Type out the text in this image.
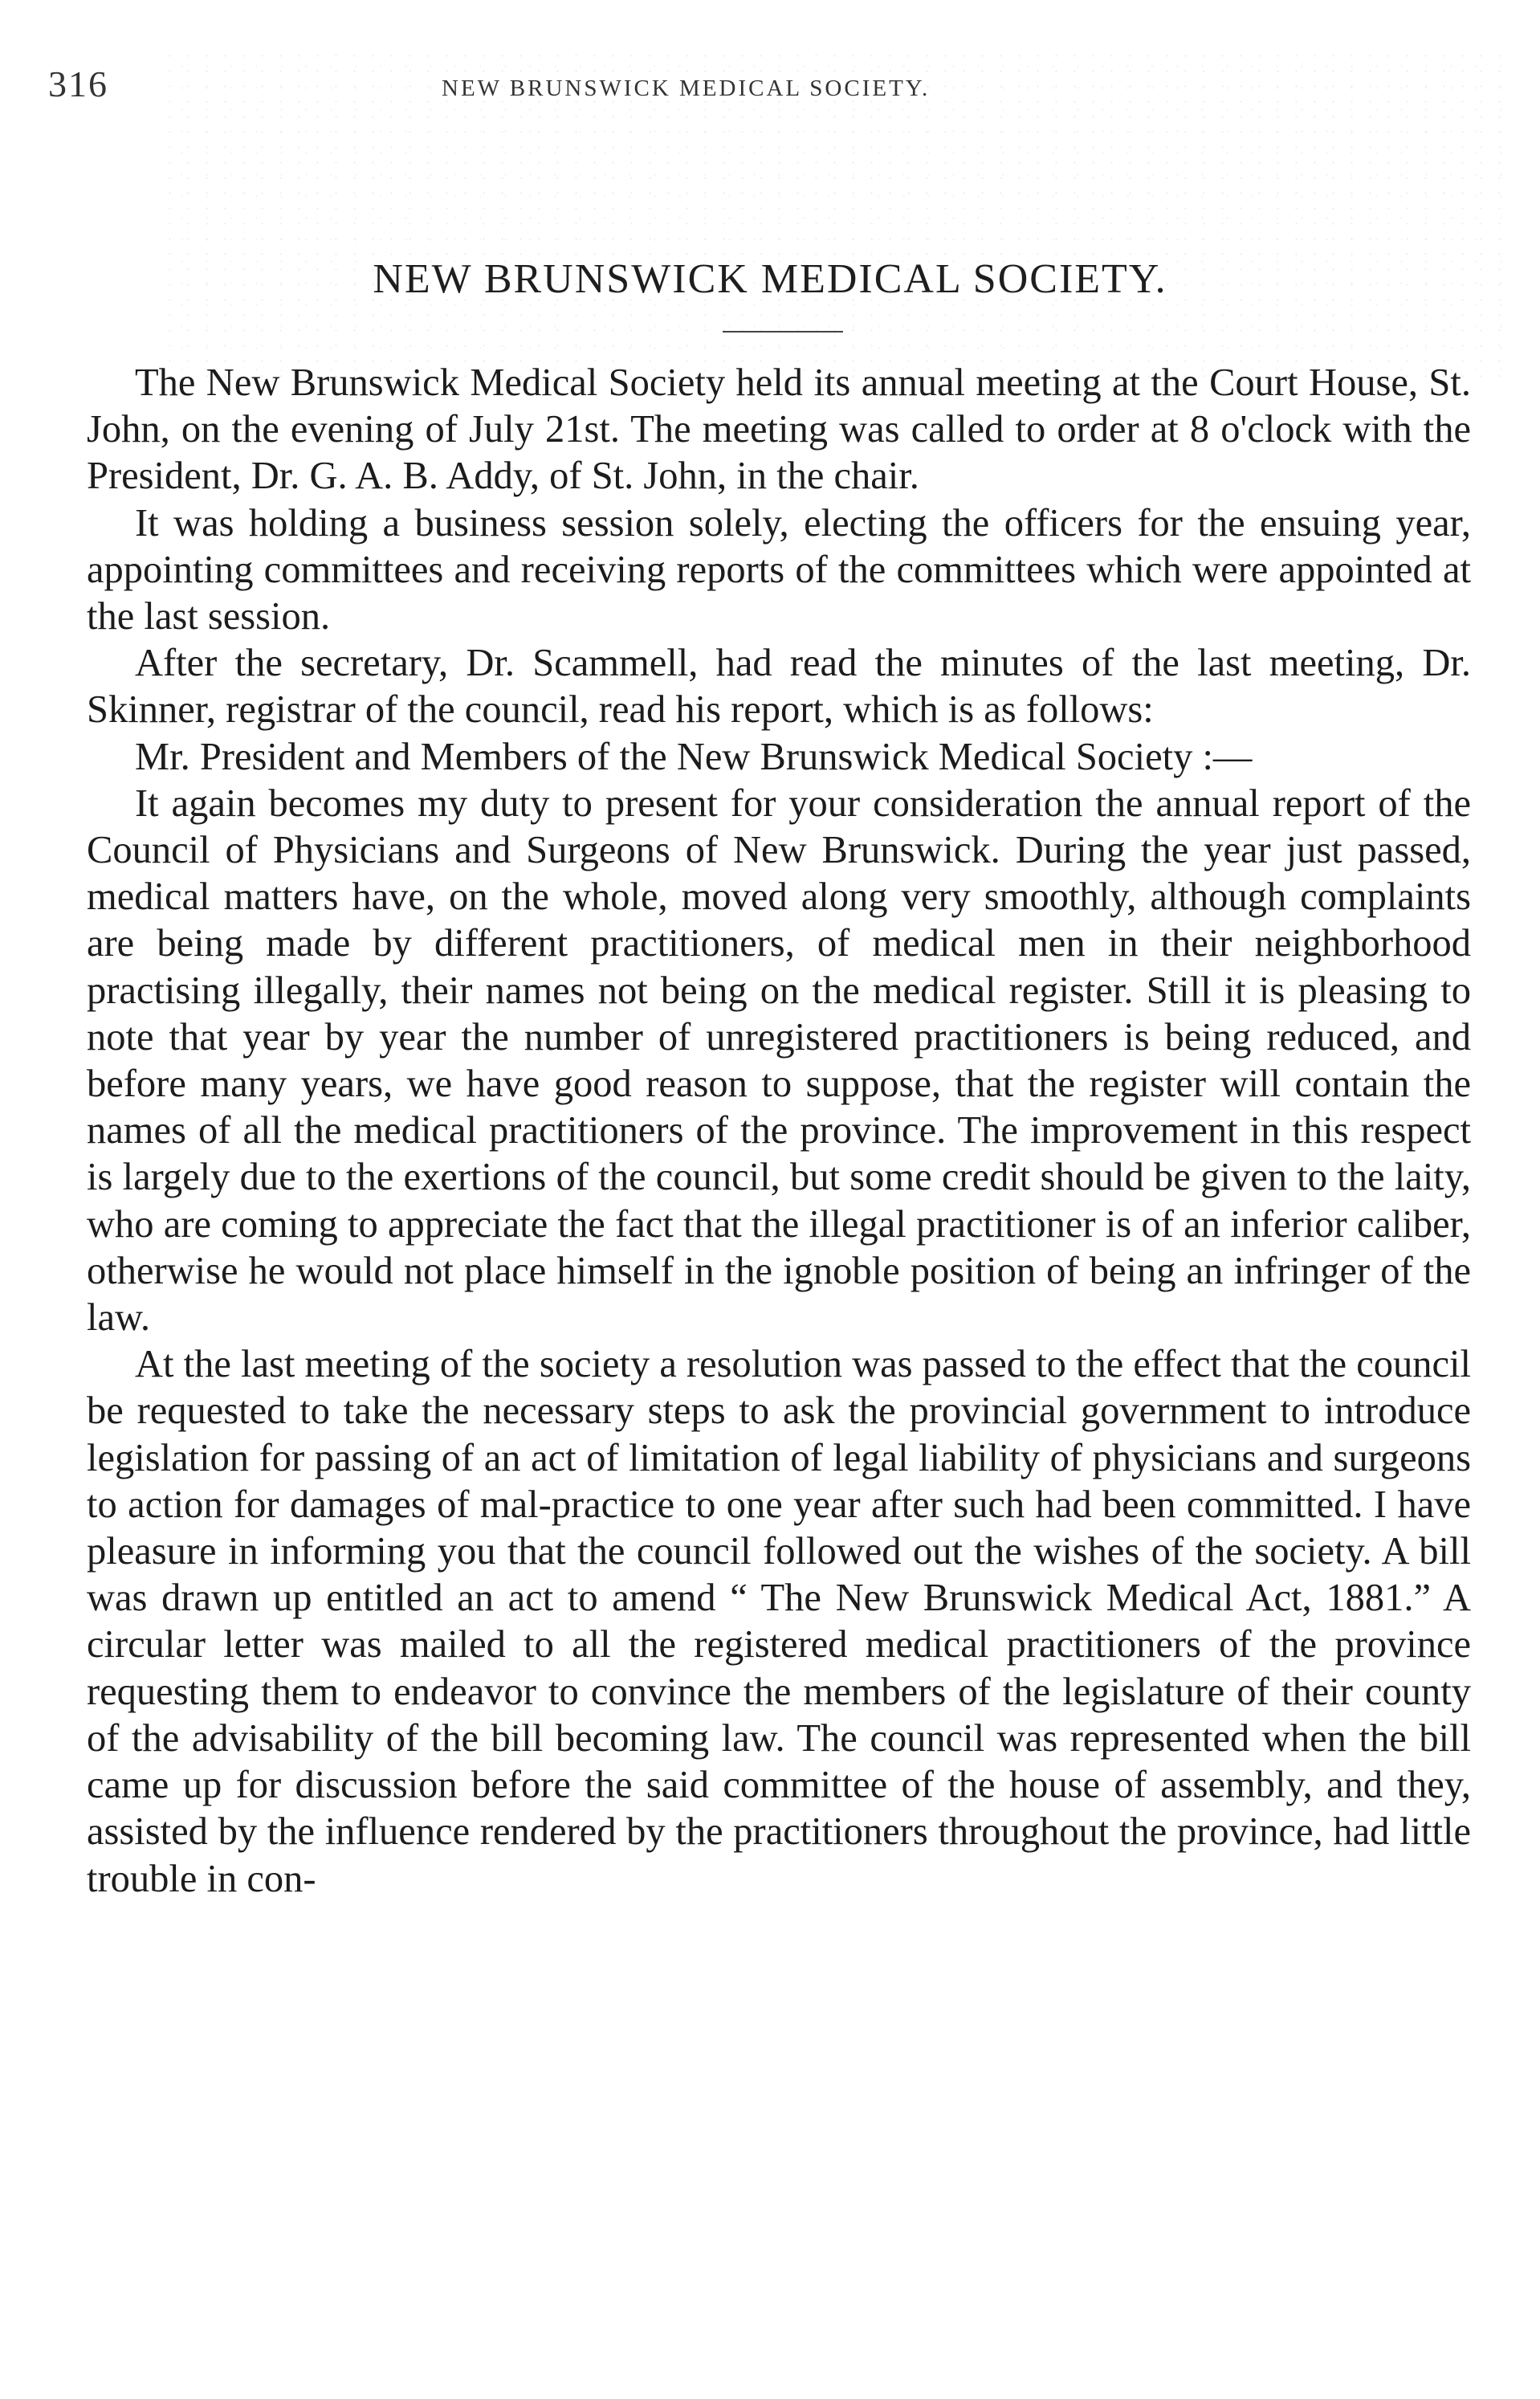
316	NEW BRUNSWICK MEDICAL SOCIETY.
NEW BRUNSWICK MEDICAL SOCIETY.

The New Brunswick Medical Society held its annual meeting at the Court House, St. John, on the evening of July 21st. The meeting was called to order at 8 o'clock with the President, Dr. G. A. B. Addy, of St. John, in the chair.

It was holding a business session solely, electing the officers for the ensuing year, appointing committees and receiving reports of the committees which were appointed at the last session.

After the secretary, Dr. Scammell, had read the minutes of the last meeting, Dr. Skinner, registrar of the council, read his report, which is as follows:

Mr. President and Members of the New Brunswick Medical Society :—

It again becomes my duty to present for your consideration the annual report of the Council of Physicians and Surgeons of New Brunswick. During the year just passed, medical matters have, on the whole, moved along very smoothly, although complaints are being made by different practitioners, of medical men in their neighborhood practising illegally, their names not being on the medical register. Still it is pleasing to note that year by year the number of unregistered practitioners is being reduced, and before many years, we have good reason to suppose, that the register will contain the names of all the medical practitioners of the province. The improvement in this respect is largely due to the exertions of the council, but some credit should be given to the laity, who are coming to appreciate the fact that the illegal practitioner is of an inferior caliber, otherwise he would not place himself in the ignoble position of being an infringer of the law.

At the last meeting of the society a resolution was passed to the effect that the council be requested to take the necessary steps to ask the provincial government to introduce legislation for passing of an act of limitation of legal liability of physicians and surgeons to action for damages of mal-practice to one year after such had been committed. I have pleasure in informing you that the council followed out the wishes of the society. A bill was drawn up entitled an act to amend “ The New Brunswick Medical Act, 1881.” A circular letter was mailed to all the registered medical practitioners of the province requesting them to endeavor to convince the members of the legislature of their county of the advisability of the bill becoming law. The council was represented when the bill came up for discussion before the said committee of the house of assembly, and they, assisted by the influence rendered by the practitioners throughout the province, had little trouble in con-
